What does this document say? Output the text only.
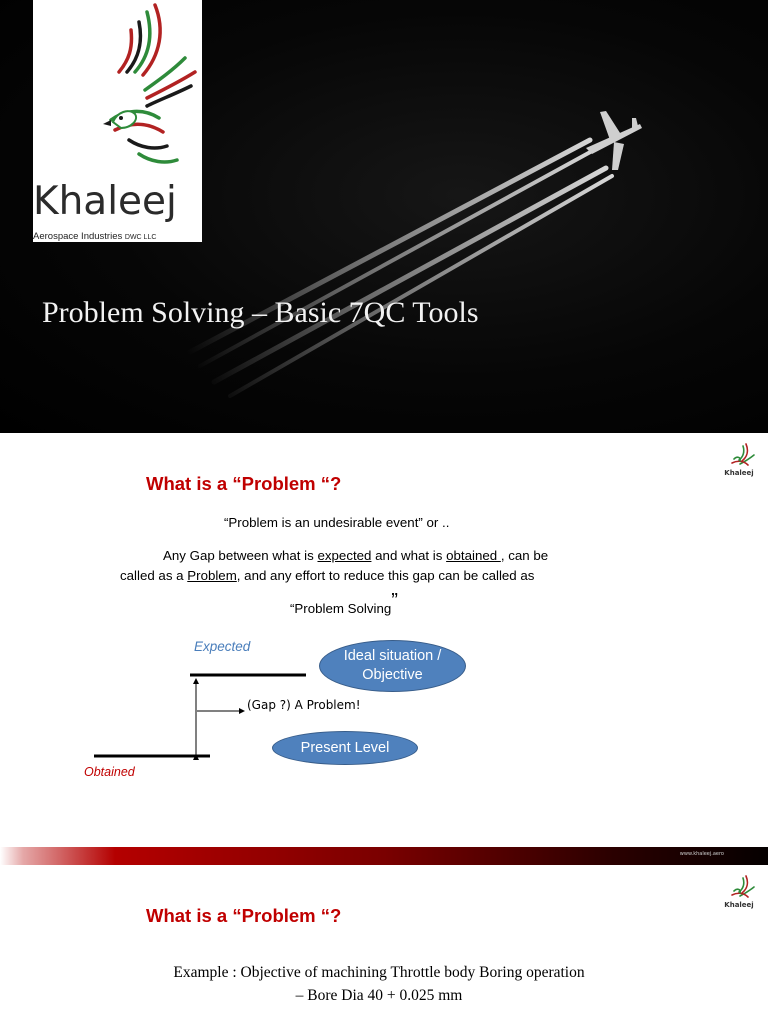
Khaleej
Aerospace Industries DWC LLC
Problem Solving – Basic 7QC Tools
Khaleej
What is a “Problem “?
“Problem is an undesirable event” or ..
Any Gap between what is expected and what is obtained , can be
called as a Problem, and any effort to reduce this gap can be called as
“Problem Solving”
Expected
Obtained
(Gap ?) A Problem!
Ideal situation /
Objective
Present Level
www.khaleej.aero
Khaleej
What is a “Problem “?
Example : Objective of machining Throttle body Boring operation
– Bore Dia 40 + 0.025 mm
